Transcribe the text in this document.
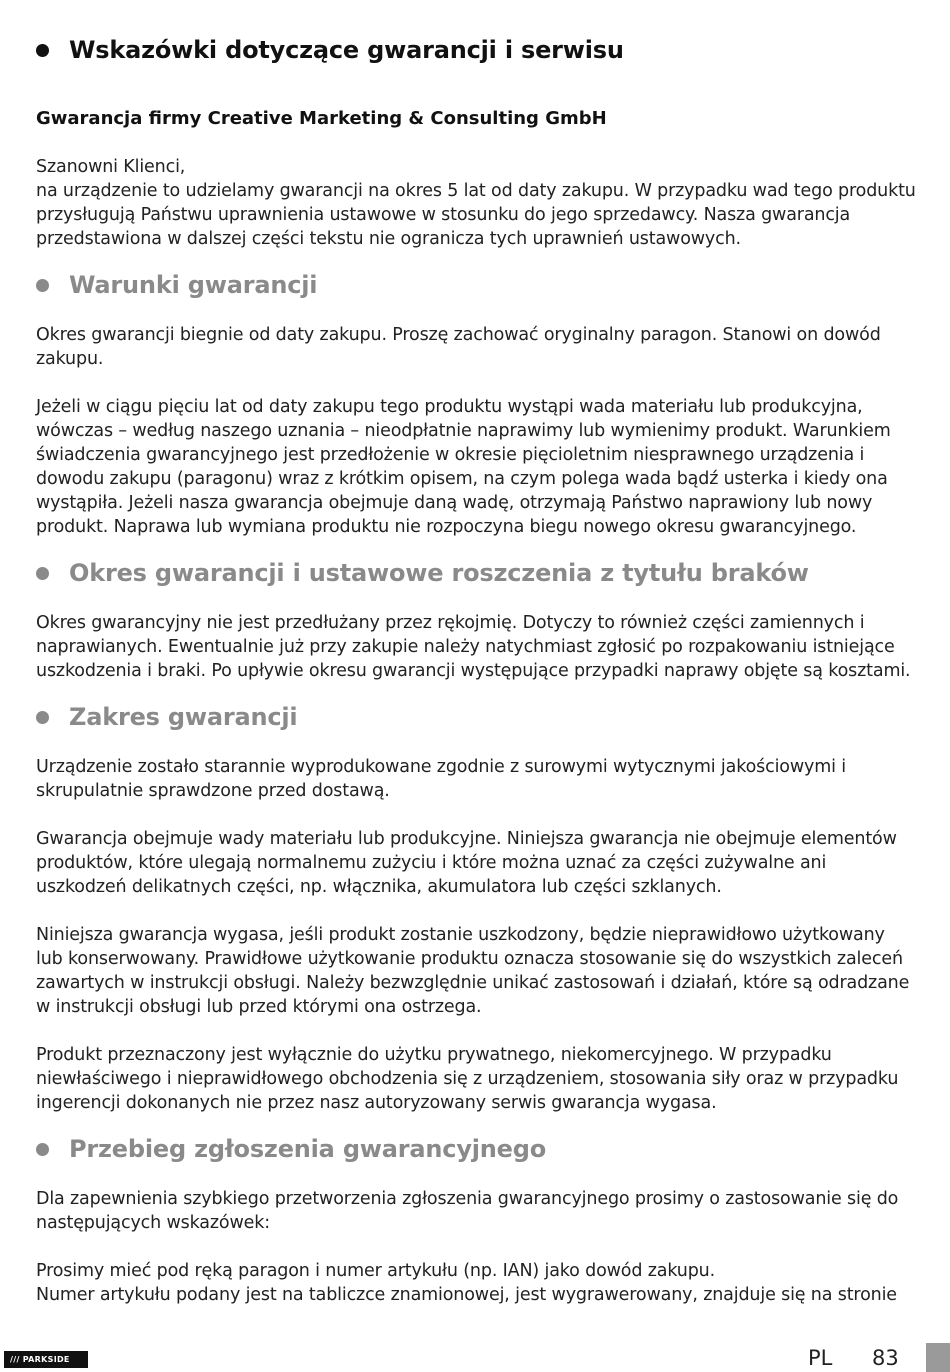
Wskazówki dotyczące gwarancji i serwisu
Gwarancja firmy Creative Marketing & Consulting GmbH

Szanowni Klienci,
na urządzenie to udzielamy gwarancji na okres 5 lat od daty zakupu. W przypadku wad tego produktu przysługują Państwu uprawnienia ustawowe w stosunku do jego sprzedawcy. Nasza gwarancja przedstawiona w dalszej części tekstu nie ogranicza tych uprawnień ustawowych.

Warunki gwarancji

Okres gwarancji biegnie od daty zakupu. Proszę zachować oryginalny paragon. Stanowi on dowód zakupu.

Jeżeli w ciągu pięciu lat od daty zakupu tego produktu wystąpi wada materiału lub produkcyjna, wówczas – według naszego uznania – nieodpłatnie naprawimy lub wymienimy produkt. Warunkiem świadczenia gwarancyjnego jest przedłożenie w okresie pięcioletnim niesprawnego urządzenia i dowodu zakupu (paragonu) wraz z krótkim opisem, na czym polega wada bądź usterka i kiedy ona wystąpiła. Jeżeli nasza gwarancja obejmuje daną wadę, otrzymają Państwo naprawiony lub nowy produkt. Naprawa lub wymiana produktu nie rozpoczyna biegu nowego okresu gwarancyjnego.

Okres gwarancji i ustawowe roszczenia z tytułu braków

Okres gwarancyjny nie jest przedłużany przez rękojmię. Dotyczy to również części zamiennych i naprawianych. Ewentualnie już przy zakupie należy natychmiast zgłosić po rozpakowaniu istniejące uszkodzenia i braki. Po upływie okresu gwarancji występujące przypadki naprawy objęte są kosztami.

Zakres gwarancji

Urządzenie zostało starannie wyprodukowane zgodnie z surowymi wytycznymi jakościowymi i skrupulatnie sprawdzone przed dostawą.

Gwarancja obejmuje wady materiału lub produkcyjne. Niniejsza gwarancja nie obejmuje elementów produktów, które ulegają normalnemu zużyciu i które można uznać za części zużywalne ani uszkodzeń delikatnych części, np. włącznika, akumulatora lub części szklanych.

Niniejsza gwarancja wygasa, jeśli produkt zostanie uszkodzony, będzie nieprawidłowo użytkowany lub konserwowany. Prawidłowe użytkowanie produktu oznacza stosowanie się do wszystkich zaleceń zawartych w instrukcji obsługi. Należy bezwzględnie unikać zastosowań i działań, które są odradzane w instrukcji obsługi lub przed którymi ona ostrzega.

Produkt przeznaczony jest wyłącznie do użytku prywatnego, niekomercyjnego. W przypadku niewłaściwego i nieprawidłowego obchodzenia się z urządzeniem, stosowania siły oraz w przypadku ingerencji dokonanych nie przez nasz autoryzowany serwis gwarancja wygasa.

Przebieg zgłoszenia gwarancyjnego

Dla zapewnienia szybkiego przetworzenia zgłoszenia gwarancyjnego prosimy o zastosowanie się do następujących wskazówek:

Prosimy mieć pod ręką paragon i numer artykułu (np. IAN) jako dowód zakupu.
Numer artykułu podany jest na tabliczce znamionowej, jest wygrawerowany, znajduje się na stronie

/// PARKSIDE	PL 83
